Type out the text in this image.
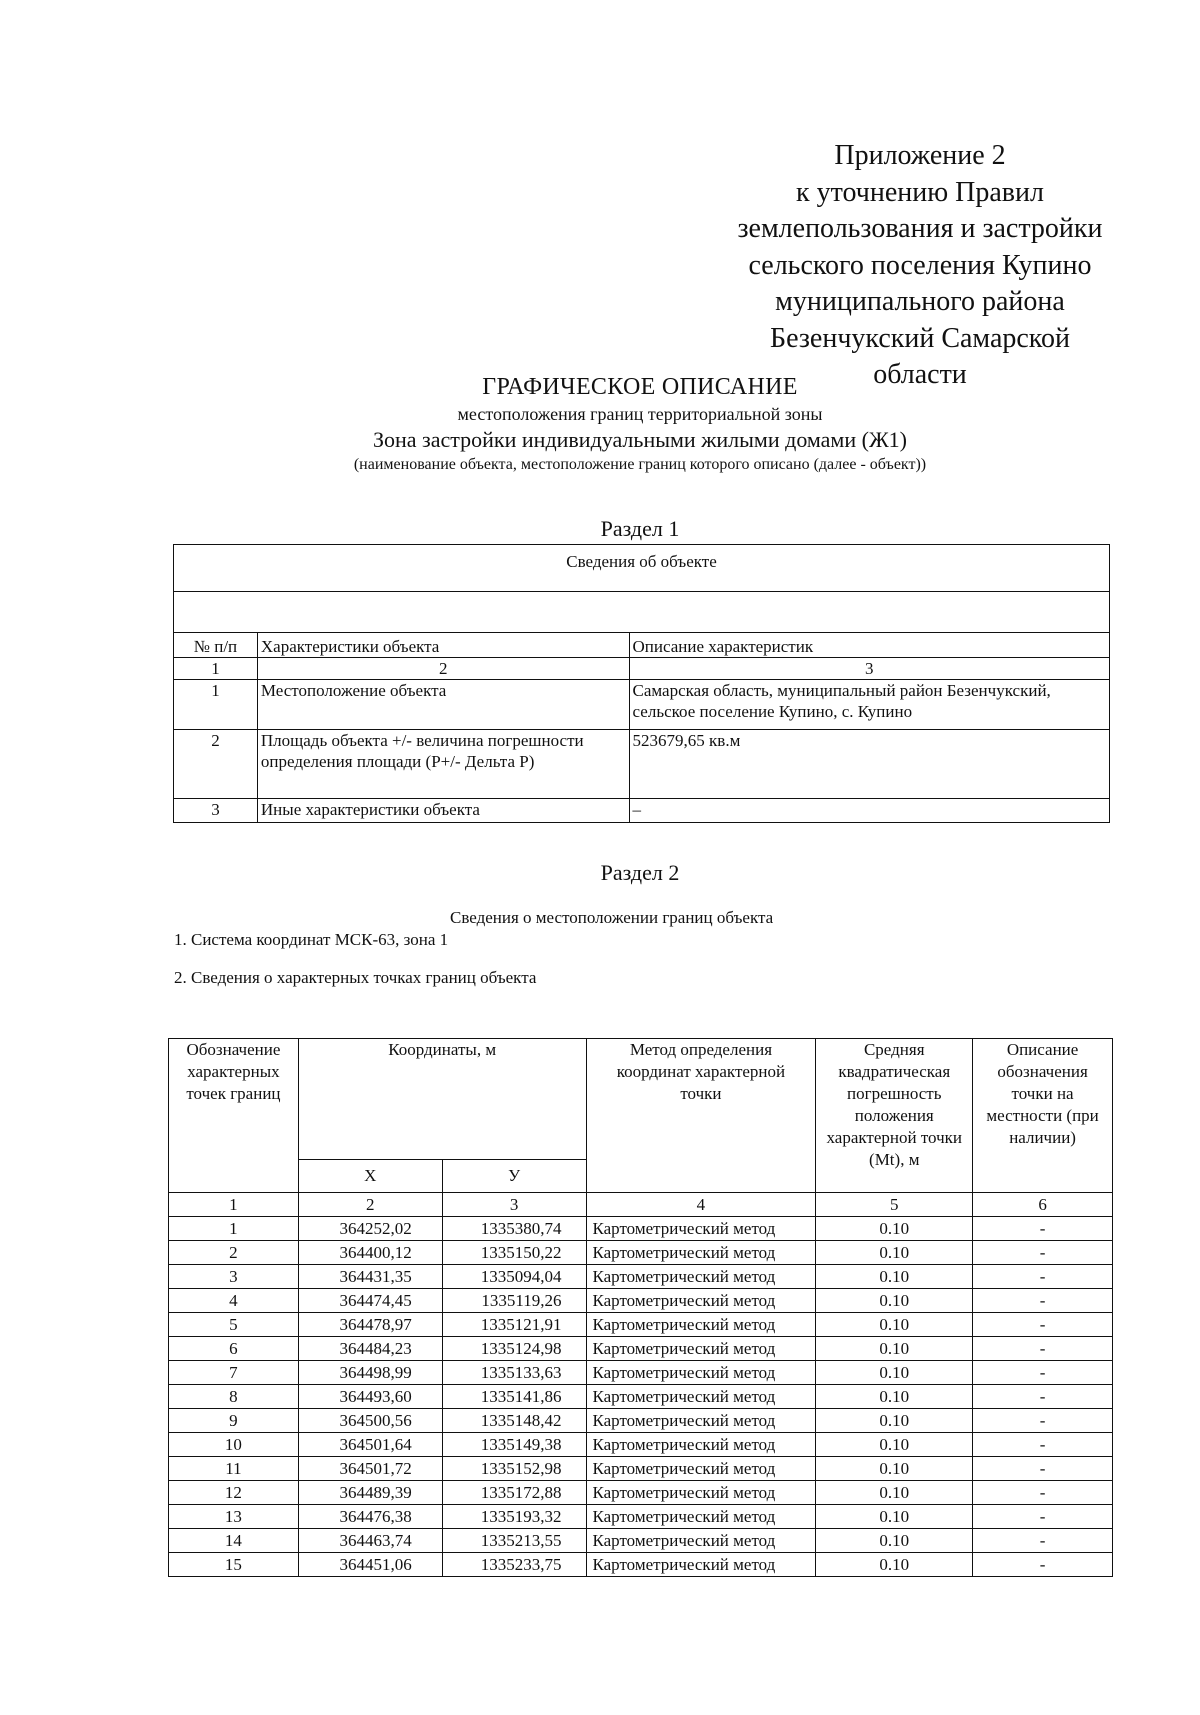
Приложение 2
к уточнению Правил
землепользования и застройки
сельского поселения Купино
муниципального района
Безенчукский Самарской
области
ГРАФИЧЕСКОЕ ОПИСАНИЕ
местоположения границ территориальной зоны
Зона застройки индивидуальными жилыми домами (Ж1)
(наименование объекта, местоположение границ которого описано (далее - объект))
Раздел 1
Сведения об объекте		

№ п/п	Характеристики объекта	Описание характеристик
1	2	3
1	Местоположение объекта	Самарская область, муниципальный район Безенчукский, сельское поселение Купино, с. Купино
2	Площадь объекта +/- величина погрешности определения площади (Р+/- Дельта Р)	523679,65 кв.м
3	Иные характеристики объекта	–
Раздел 2
Сведения о местоположении границ объекта
1. Система координат МСК-63, зона 1
2. Сведения о характерных точках границ объекта
Обозначение характерных точек границ	Координаты, м		Метод определения координат характерной точки	Средняя квадратическая погрешность положения характерной точки (Mt), м	Описание обозначения точки на местности (при наличии)
	X	У			
1	2	3	4	5	6
1	364252,02	1335380,74	Картометрический метод	0.10	-
2	364400,12	1335150,22	Картометрический метод	0.10	-
3	364431,35	1335094,04	Картометрический метод	0.10	-
4	364474,45	1335119,26	Картометрический метод	0.10	-
5	364478,97	1335121,91	Картометрический метод	0.10	-
6	364484,23	1335124,98	Картометрический метод	0.10	-
7	364498,99	1335133,63	Картометрический метод	0.10	-
8	364493,60	1335141,86	Картометрический метод	0.10	-
9	364500,56	1335148,42	Картометрический метод	0.10	-
10	364501,64	1335149,38	Картометрический метод	0.10	-
11	364501,72	1335152,98	Картометрический метод	0.10	-
12	364489,39	1335172,88	Картометрический метод	0.10	-
13	364476,38	1335193,32	Картометрический метод	0.10	-
14	364463,74	1335213,55	Картометрический метод	0.10	-
15	364451,06	1335233,75	Картометрический метод	0.10	-
